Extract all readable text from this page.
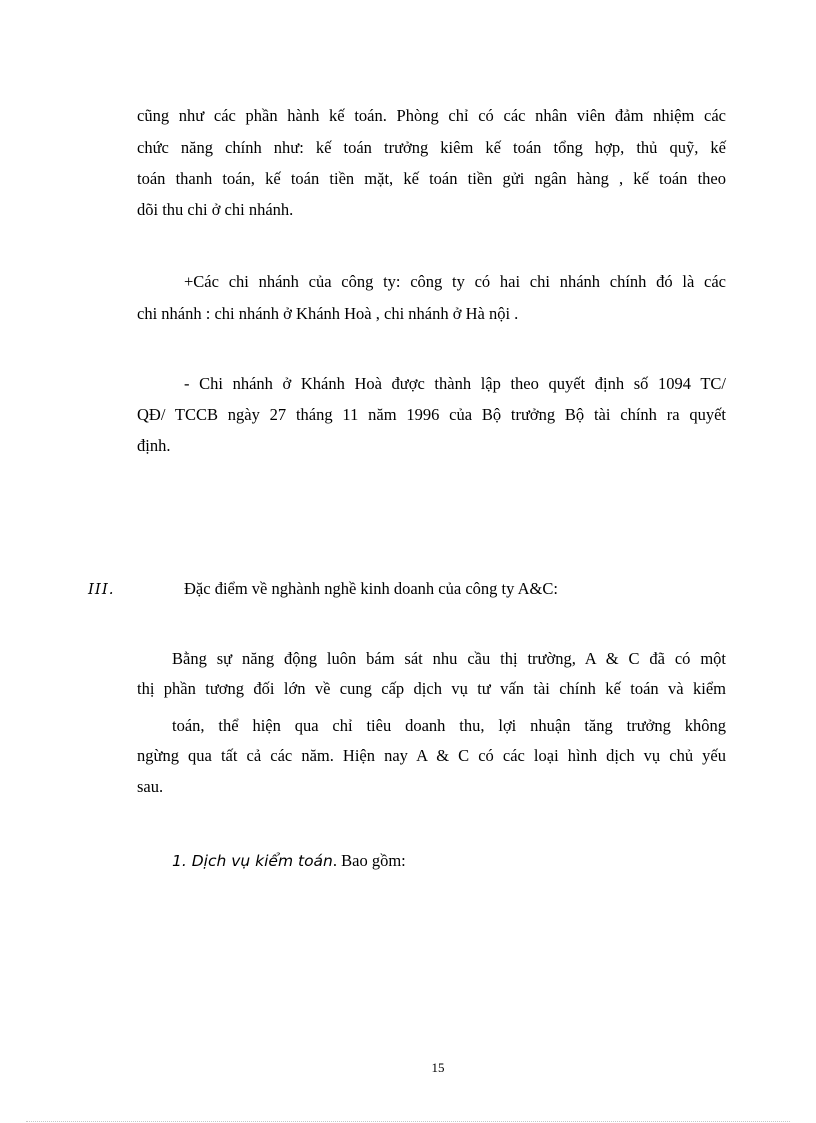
cũng như các phần hành kế toán. Phòng chỉ có các nhân viên đảm nhiệm các
chức năng chính như: kế toán trưởng kiêm kế toán tổng hợp, thủ quỹ, kế
toán thanh toán, kế toán tiền mặt, kế toán tiền gửi ngân hàng , kế toán theo
dõi thu chi ở chi nhánh.
+Các chi nhánh của công ty: công ty có hai chi nhánh chính đó là các
chi nhánh : chi nhánh ở Khánh Hoà , chi nhánh ở Hà nội .
- Chi nhánh ở Khánh Hoà được thành lập theo quyết định số 1094 TC/
QĐ/ TCCB ngày 27 tháng 11 năm 1996 của Bộ trưởng Bộ tài chính ra quyết
định.
III.	Đặc điểm về nghành nghề kinh doanh của công ty A&C:
Bằng sự năng động luôn bám sát nhu cầu thị trường, A & C đã có một
thị phần tương đối lớn về cung cấp dịch vụ tư vấn tài chính kế toán và kiểm
toán, thể hiện qua chỉ tiêu doanh thu, lợi nhuận tăng trưởng không
ngừng qua tất cả các năm. Hiện nay A & C có các loại hình dịch vụ chủ yếu
sau.
1. Dịch vụ kiểm toán. Bao gồm:
15
